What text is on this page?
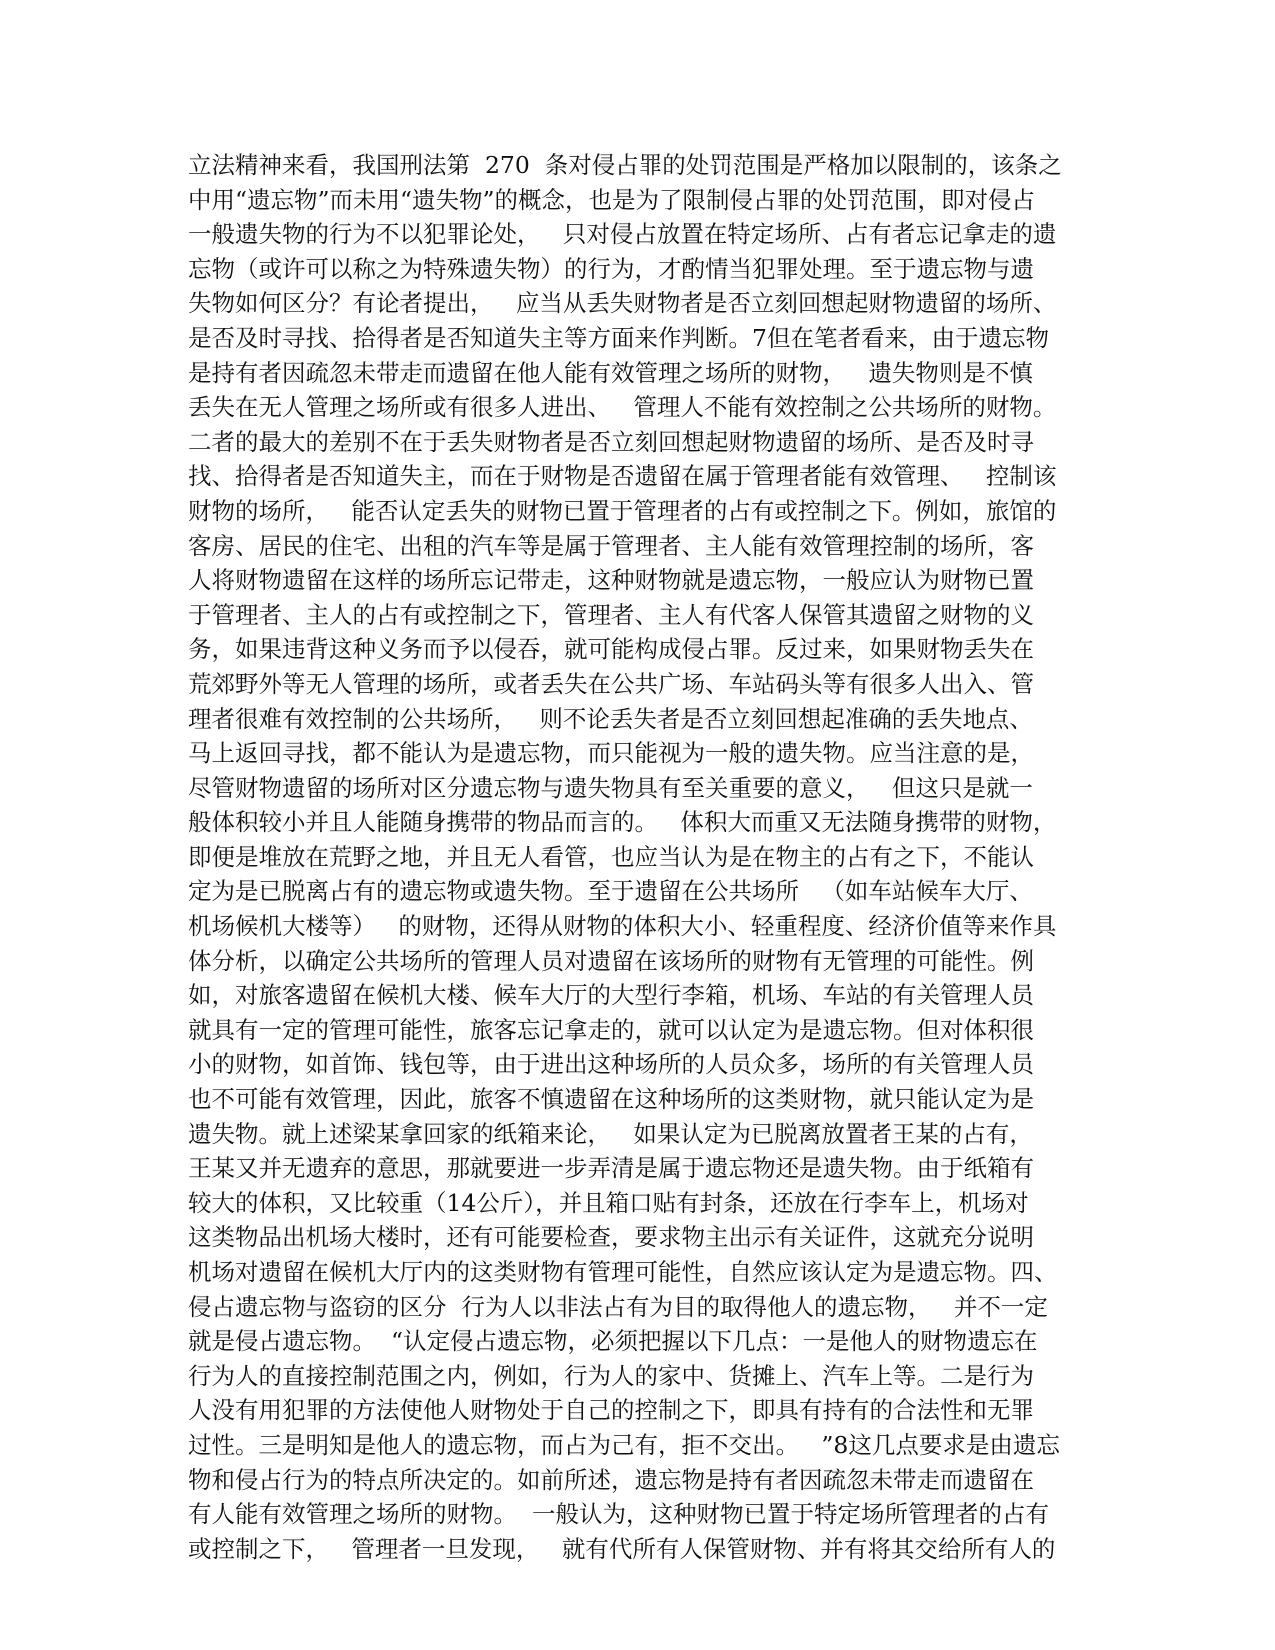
立法精神来看，我国刑法第  270  条对侵占罪的处罚范围是严格加以限制的，该条之
中用“遗忘物”而未用“遗失物”的概念，也是为了限制侵占罪的处罚范围，即对侵占
一般遗失物的行为不以犯罪论处，   只对侵占放置在特定场所、占有者忘记拿走的遗
忘物（或许可以称之为特殊遗失物）的行为，才酌情当犯罪处理。至于遗忘物与遗
失物如何区分？有论者提出，   应当从丢失财物者是否立刻回想起财物遗留的场所、
是否及时寻找、拾得者是否知道失主等方面来作判断。7但在笔者看来，由于遗忘物
是持有者因疏忽未带走而遗留在他人能有效管理之场所的财物，   遗失物则是不慎
丢失在无人管理之场所或有很多人进出、   管理人不能有效控制之公共场所的财物。
二者的最大的差别不在于丢失财物者是否立刻回想起财物遗留的场所、是否及时寻
找、拾得者是否知道失主，而在于财物是否遗留在属于管理者能有效管理、   控制该
财物的场所，   能否认定丢失的财物已置于管理者的占有或控制之下。例如，旅馆的
客房、居民的住宅、出租的汽车等是属于管理者、主人能有效管理控制的场所，客
人将财物遗留在这样的场所忘记带走，这种财物就是遗忘物，一般应认为财物已置
于管理者、主人的占有或控制之下，管理者、主人有代客人保管其遗留之财物的义
务，如果违背这种义务而予以侵吞，就可能构成侵占罪。反过来，如果财物丢失在
荒郊野外等无人管理的场所，或者丢失在公共广场、车站码头等有很多人出入、管
理者很难有效控制的公共场所，   则不论丢失者是否立刻回想起准确的丢失地点、
马上返回寻找，都不能认为是遗忘物，而只能视为一般的遗失物。应当注意的是，
尽管财物遗留的场所对区分遗忘物与遗失物具有至关重要的意义，   但这只是就一
般体积较小并且人能随身携带的物品而言的。   体积大而重又无法随身携带的财物，
即便是堆放在荒野之地，并且无人看管，也应当认为是在物主的占有之下，不能认
定为是已脱离占有的遗忘物或遗失物。至于遗留在公共场所   （如车站候车大厅、
机场候机大楼等）   的财物，还得从财物的体积大小、轻重程度、经济价值等来作具
体分析，以确定公共场所的管理人员对遗留在该场所的财物有无管理的可能性。例
如，对旅客遗留在候机大楼、候车大厅的大型行李箱，机场、车站的有关管理人员
就具有一定的管理可能性，旅客忘记拿走的，就可以认定为是遗忘物。但对体积很
小的财物，如首饰、钱包等，由于进出这种场所的人员众多，场所的有关管理人员
也不可能有效管理，因此，旅客不慎遗留在这种场所的这类财物，就只能认定为是
遗失物。就上述梁某拿回家的纸箱来论，   如果认定为已脱离放置者王某的占有，
王某又并无遗弃的意思，那就要进一步弄清是属于遗忘物还是遗失物。由于纸箱有
较大的体积，又比较重（14公斤），并且箱口贴有封条，还放在行李车上，机场对
这类物品出机场大楼时，还有可能要检查，要求物主出示有关证件，这就充分说明
机场对遗留在候机大厅内的这类财物有管理可能性，自然应该认定为是遗忘物。四、
侵占遗忘物与盗窃的区分  行为人以非法占有为目的取得他人的遗忘物，   并不一定
就是侵占遗忘物。  “认定侵占遗忘物，必须把握以下几点：一是他人的财物遗忘在
行为人的直接控制范围之内，例如，行为人的家中、货摊上、汽车上等。二是行为
人没有用犯罪的方法使他人财物处于自己的控制之下，即具有持有的合法性和无罪
过性。三是明知是他人的遗忘物，而占为己有，拒不交出。   ”8这几点要求是由遗忘
物和侵占行为的特点所决定的。如前所述，遗忘物是持有者因疏忽未带走而遗留在
有人能有效管理之场所的财物。  一般认为，这种财物已置于特定场所管理者的占有
或控制之下，   管理者一旦发现，   就有代所有人保管财物、并有将其交给所有人的
